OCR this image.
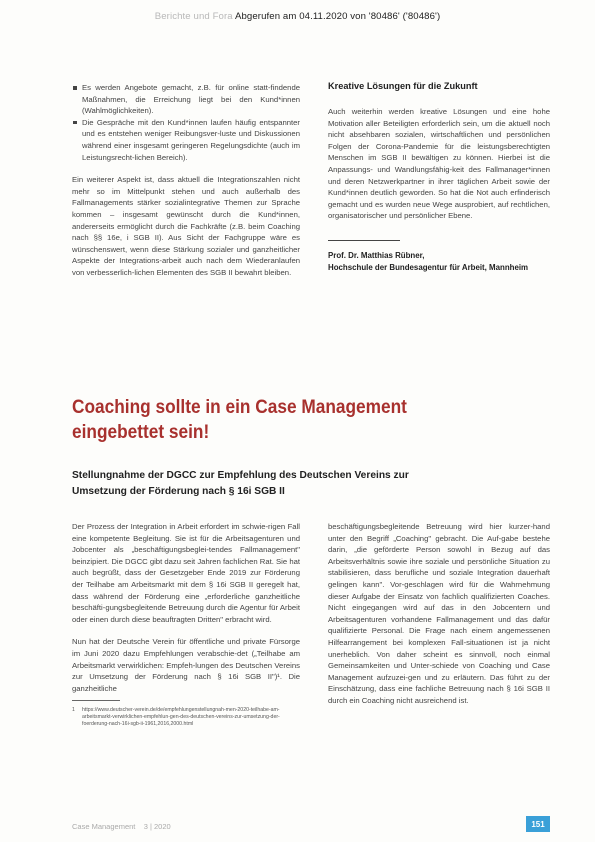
Berichte und Fora Abgerufen am 04.11.2020 von '80486' ('80486')
Es werden Angebote gemacht, z.B. für online statt-findende Maßnahmen, die Erreichung liegt bei den Kund*innen (Wahlmöglichkeiten).
Die Gespräche mit den Kund*innen laufen häufig entspannter und es entstehen weniger Reibungsver-luste und Diskussionen während einer insgesamt geringeren Regelungsdichte (auch im Leistungsrecht-lichen Bereich).

Ein weiterer Aspekt ist, dass aktuell die Integrationszahlen nicht mehr so im Mittelpunkt stehen und auch außerhalb des Fallmanagements stärker sozialintegrative Themen zur Sprache kommen – insgesamt gewünscht durch die Kund*innen, andererseits ermöglicht durch die Fachkräfte (z.B. beim Coaching nach §§ 16e, i SGB II). Aus Sicht der Fachgruppe wäre es wünschenswert, wenn diese Stärkung sozialer und ganzheitlicher Aspekte der Integrations-arbeit auch nach dem Wiederanlaufen von verbesserlich-lichen Elementen des SGB II bewahrt bleiben.

Kreative Lösungen für die Zukunft

Auch weiterhin werden kreative Lösungen und eine hohe Motivation aller Beteiligten erforderlich sein, um die aktuell noch nicht absehbaren sozialen, wirtschaftlichen und persönlichen Folgen der Corona-Pandemie für die leistungsberechtigten Menschen im SGB II bewältigen zu können. Hierbei ist die Anpassungs- und Wandlungsfähig-keit des Fallmanager*innen und deren Netzwerkpartner in ihrer täglichen Arbeit sowie der Kund*innen deutlich geworden. So hat die Not auch erfinderisch gemacht und es wurden neue Wege ausprobiert, auf rechtlichen, organisatorischer und persönlicher Ebene.

Prof. Dr. Matthias Rübner,
Hochschule der Bundesagentur für Arbeit, Mannheim
Coaching sollte in ein Case Management
eingebettet sein!
Stellungnahme der DGCC zur Empfehlung des Deutschen Vereins zur
Umsetzung der Förderung nach § 16i SGB II

Der Prozess der Integration in Arbeit erfordert im schwie-rigen Fall eine kompetente Begleitung. Sie ist für die Arbeitsagenturen und Jobcenter als „beschäftigungsbeglei-tendes Fallmanagement" beinzipiert. Die DGCC gibt dazu seit Jahren fachlichen Rat. Sie hat auch begrüßt, dass der Gesetzgeber Ende 2019 zur Förderung der Teilhabe am Arbeitsmarkt mit dem § 16i SGB II geregelt hat, dass während der Förderung eine „erforderliche ganzheitliche beschäfti-gungsbegleitende Betreuung durch die Agentur für Arbeit oder einen durch diese beauftragten Dritten" erbracht wird.

Nun hat der Deutsche Verein für öffentliche und private Fürsorge im Juni 2020 dazu Empfehlungen verabschie-det („Teilhabe am Arbeitsmarkt verwirklichen: Empfeh-lungen des Deutschen Vereins zur Umsetzung der Förderung nach § 16i SGB II")¹. Die ganzheitliche

1 https://www.deutscher-verein.de/de/empfehlungenstellungnah-men-2020-teilhabe-am-arbeitsmarkt-verwirklichen-empfehlun-gen-des-deutschen-vereins-zur-umsetzung-der-foerderung-nach-16i-sgb-ii-1961,2016,2000.html

beschäftigungsbegleitende Betreuung wird hier kurzer-hand unter den Begriff „Coaching" gebracht. Die Auf-gabe bestehe darin, „die geförderte Person sowohl in Bezug auf das Arbeitsverhältnis sowie ihre soziale und persönliche Situation zu stabilisieren, dass berufliche und soziale Integration dauerhaft gelingen kann". Vor-geschlagen wird für die Wahrnehmung dieser Aufgabe der Einsatz von fachlich qualifizierten Coaches. Nicht eingegangen wird auf das in den Jobcentern und Arbeitsagenturen vorhandene Fallmanagement und das dafür qualifizierte Personal. Die Frage nach einem angemessenen Hilfearrangement bei komplexen Fall-situationen ist ja nicht unerheblich. Von daher scheint es sinnvoll, noch einmal Gemeinsamkeiten und Unter-schiede von Coaching und Case Management aufzuzei-gen und zu erläutern. Das führt zu der Einschätzung, dass eine fachliche Betreuung nach § 16i SGB II durch ein Coaching nicht ausreichend ist.

Case Management 3 | 2020	151
